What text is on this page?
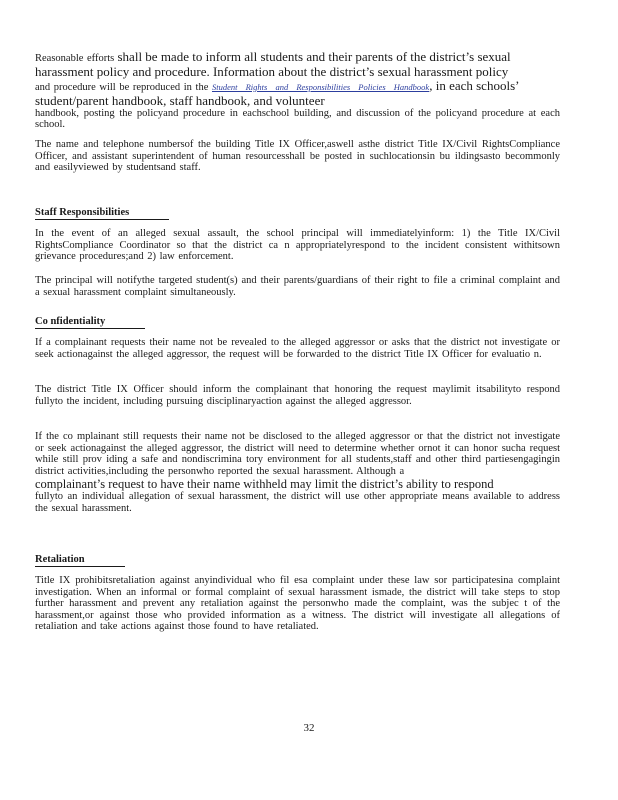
Reasonable efforts shall be made to inform all students and their parents of the district’s sexual harassment policy and procedure. Information about the district’s sexual harassment policy
and procedure will be reproduced in the Student Rights and Responsibilities Policies Handbook, in each schools’ student/parent handbook, staff handbook, and volunteer
handbook, posting the policyand procedure in eachschool building, and discussion of the policyand procedure at each school.

The name and telephone numbersof the building Title IX Officer,aswell asthe district Title IX/Civil RightsCompliance Officer, and assistant superintendent of human resourcesshall be posted in suchlocationsin bu ildingsasto becommonly and easilyviewed by studentsand staff.

Staff Responsibilities

In the event of an alleged sexual assault, the school principal will immediatelyinform: 1) the Title IX/Civil RightsCompliance Coordinator so that the district ca n appropriatelyrespond to the incident consistent withitsown grievance procedures;and 2) law enforcement.

The principal will notifythe targeted student(s) and their parents/guardians of their right to file a criminal complaint and a sexual harassment complaint simultaneously.

Co nfidentiality

If a complainant requests their name not be revealed to the alleged aggressor or asks that the district not investigate or seek actionagainst the alleged aggressor, the request will be forwarded to the district Title IX Officer for evaluatio n.

The district Title IX Officer should inform the complainant that honoring the request maylimit itsabilityto respond fullyto the incident, including pursuing disciplinaryaction against the alleged aggressor.

If the co mplainant still requests their name not be disclosed to the alleged aggressor or that the district not investigate or seek actionagainst the alleged aggressor, the district will need to determine whether ornot it can honor sucha request while still prov iding a safe and nondiscrimina tory environment for all students,staff and other third partiesengagingin district activities,including the personwho reported the sexual harassment. Although a
complainant’s request to have their name withheld may limit the district’s ability to respond
fullyto an individual allegation of sexual harassment, the district will use other appropriate means available to address the sexual harassment.
Retaliation

Title IX prohibitsretaliation against anyindividual who fil esa complaint under these law sor participatesina complaint investigation. When an informal or formal complaint of sexual harassment ismade, the district will take steps to stop further harassment and prevent any retaliation against the personwho made the complaint, was the subjec t of the harassment,or against those who provided information as a witness. The district will investigate all allegations of retaliation and take actions against those found to have retaliated.

32
